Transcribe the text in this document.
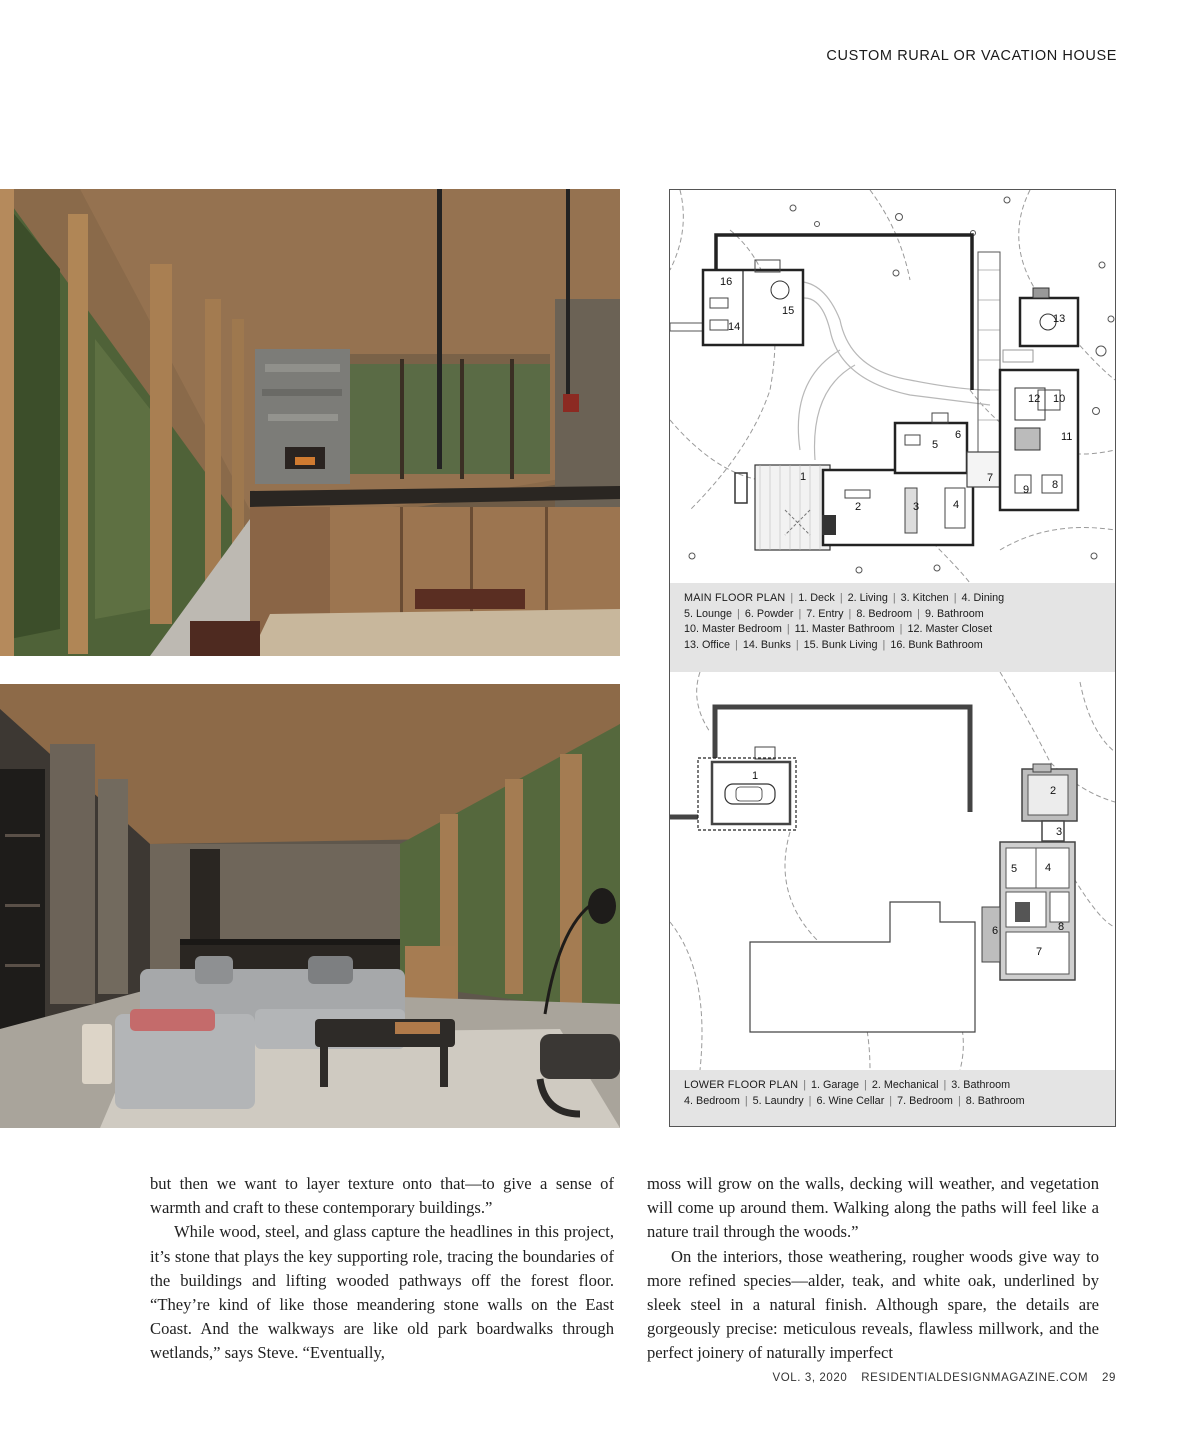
CUSTOM RURAL OR VACATION HOUSE
1
2	3	4
5
6
7
8
9
10
11
12
13
14
15
16
MAIN FLOOR PLAN | 1. Deck | 2. Living | 3. Kitchen | 4. Dining
5. Lounge | 6. Powder | 7. Entry | 8. Bedroom | 9. Bathroom
10. Master Bedroom | 11. Master Bathroom | 12. Master Closet
13. Office | 14. Bunks | 15. Bunk Living | 16. Bunk Bathroom
1
2
3
4
5
6
7
8
LOWER FLOOR PLAN | 1. Garage | 2. Mechanical | 3. Bathroom
4. Bedroom | 5. Laundry | 6. Wine Cellar | 7. Bedroom | 8. Bathroom

but then we want to layer texture onto that—to give a sense of warmth and craft to these contemporary buildings.”

While wood, steel, and glass capture the headlines in this project, it’s stone that plays the key supporting role, tracing the boundaries of the buildings and lifting wooded pathways off the forest floor. “They’re kind of like those meandering stone walls on the East Coast. And the walkways are like old park boardwalks through wetlands,” says Steve. “Eventually,

moss will grow on the walls, decking will weather, and vegetation will come up around them. Walking along the paths will feel like a nature trail through the woods.”

On the interiors, those weathering, rougher woods give way to more refined species—alder, teak, and white oak, underlined by sleek steel in a natural finish. Although spare, the details are gorgeously precise: meticulous reveals, flawless millwork, and the perfect joinery of naturally imperfect

VOL. 3, 2020 RESIDENTIALDESIGNMAGAZINE.COM 29
